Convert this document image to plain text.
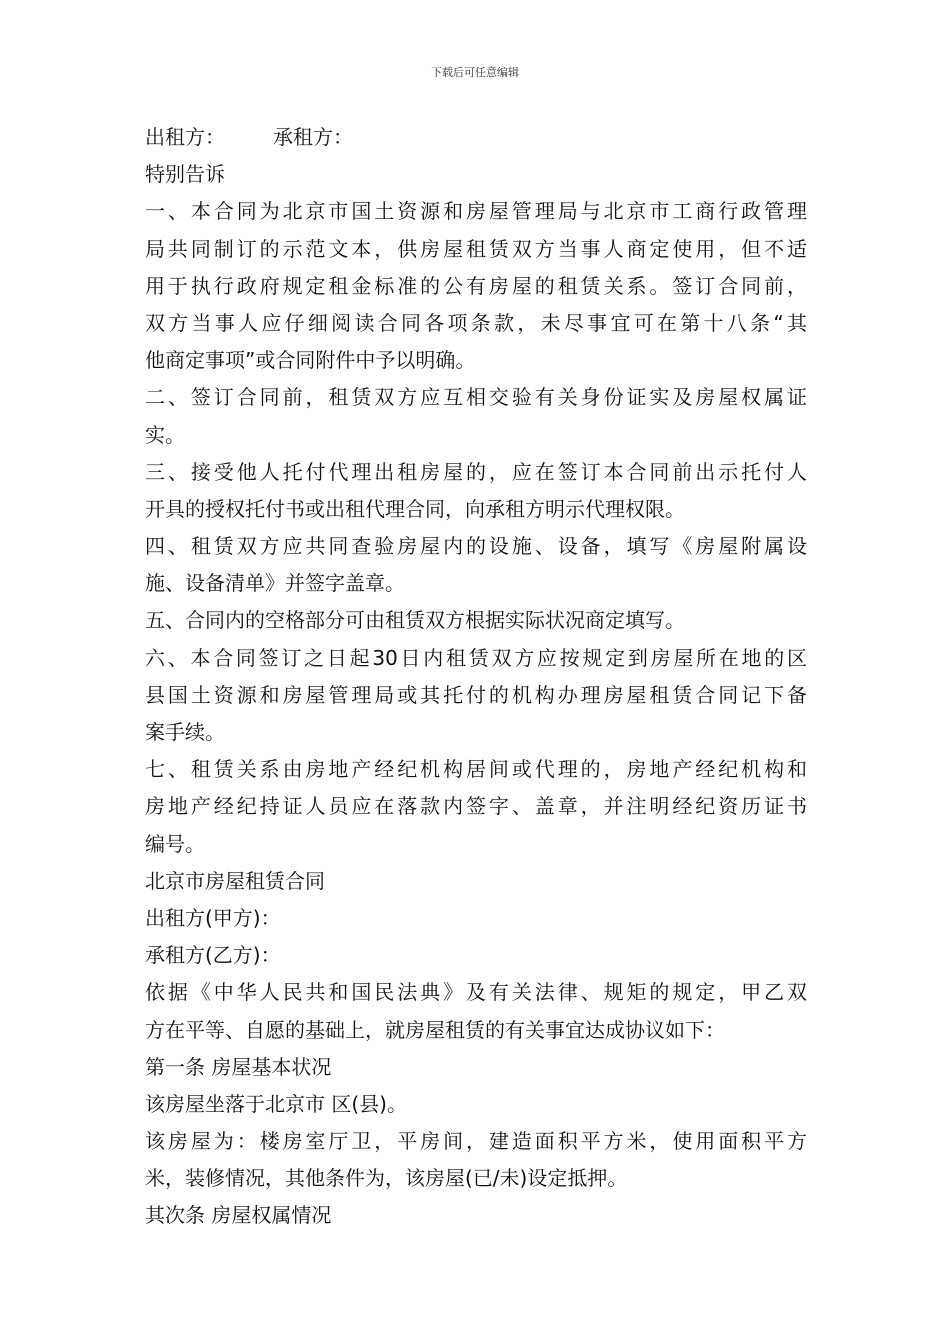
下载后可任意编辑
出租方： 承租方：
特别告诉
一、本合同为北京市国土资源和房屋管理局与北京市工商行政管理
局共同制订的示范文本，供房屋租赁双方当事人商定使用，但不适
用于执行政府规定租金标准的公有房屋的租赁关系。签订合同前，
双方当事人应仔细阅读合同各项条款，未尽事宜可在第十八条“其
他商定事项”或合同附件中予以明确。
二、签订合同前，租赁双方应互相交验有关身份证实及房屋权属证
实。
三、接受他人托付代理出租房屋的，应在签订本合同前出示托付人
开具的授权托付书或出租代理合同，向承租方明示代理权限。
四、租赁双方应共同查验房屋内的设施、设备，填写《房屋附属设
施、设备清单》并签字盖章。
五、合同内的空格部分可由租赁双方根据实际状况商定填写。
六、本合同签订之日起30日内租赁双方应按规定到房屋所在地的区
县国土资源和房屋管理局或其托付的机构办理房屋租赁合同记下备
案手续。
七、租赁关系由房地产经纪机构居间或代理的，房地产经纪机构和
房地产经纪持证人员应在落款内签字、盖章，并注明经纪资历证书
编号。
北京市房屋租赁合同
出租方(甲方)：
承租方(乙方)：
依据《中华人民共和国民法典》及有关法律、规矩的规定，甲乙双
方在平等、自愿的基础上，就房屋租赁的有关事宜达成协议如下：
第一条 房屋基本状况
该房屋坐落于北京市 区(县)。
该房屋为：楼房室厅卫，平房间，建造面积平方米，使用面积平方
米，装修情况，其他条件为，该房屋(已/未)设定抵押。
其次条 房屋权属情况
